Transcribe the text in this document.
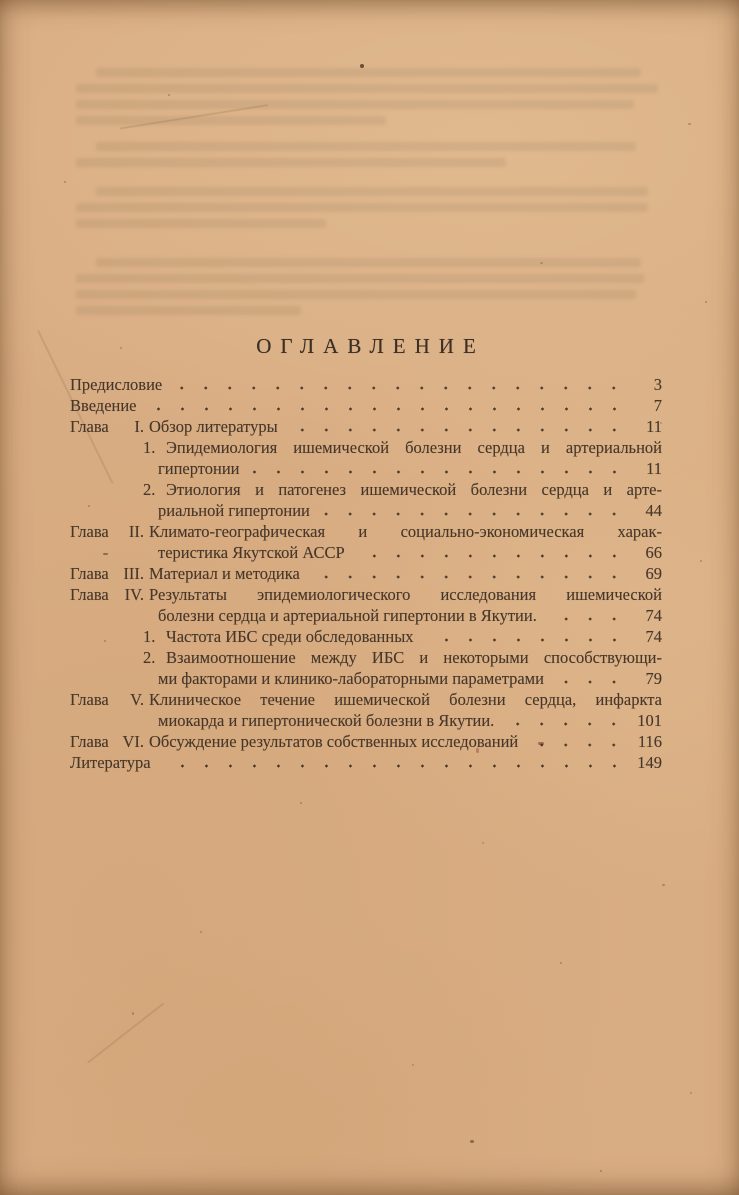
ОГЛАВЛЕНИЕ
Предисловие	3
Введение	7
Глава I. Обзор литературы	11
1. Эпидемиология ишемической болезни сердца и артериальной
гипертонии	11
2. Этиология и патогенез ишемической болезни сердца и арте-
риальной гипертонии	44
Глава II. Климато-географическая и социально-экономическая харак-
теристика Якутской АССР	66
Глава III. Материал и методика	69
Глава IV. Результаты эпидемиологического исследования ишемической
болезни сердца и артериальной гипертонии в Якутии.	74
1. Частота ИБС среди обследованных	74
2. Взаимоотношение между ИБС и некоторыми способствующи-
ми факторами и клинико-лабораторными параметрами	79
Глава V. Клиническое течение ишемической болезни сердца, инфаркта
миокарда и гипертонической болезни в Якутии.	101
Глава VI. Обсуждение результатов собственных исследований	116
Литература	149
